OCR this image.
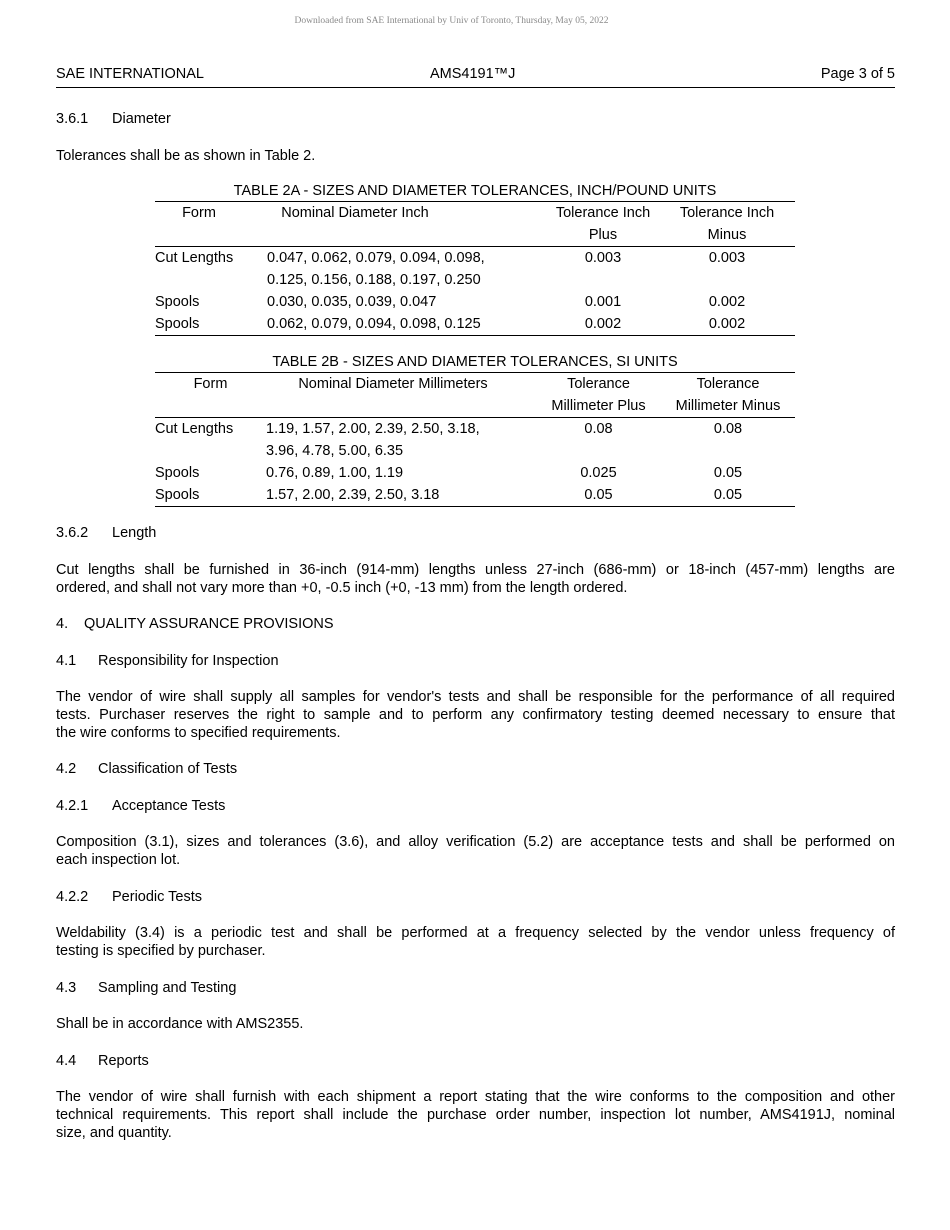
Downloaded from SAE International by Univ of Toronto, Thursday, May 05, 2022
SAE INTERNATIONAL	AMS4191™J	Page 3 of 5
3.6.1 Diameter
Tolerances shall be as shown in Table 2.
TABLE 2A - SIZES AND DIAMETER TOLERANCES, INCH/POUND UNITS
Form	Nominal Diameter Inch	Tolerance Inch	Tolerance Inch
		Plus	Minus
Cut Lengths	0.047, 0.062, 0.079, 0.094, 0.098,	0.003	0.003
	0.125, 0.156, 0.188, 0.197, 0.250		
Spools	0.030, 0.035, 0.039, 0.047	0.001	0.002
Spools	0.062, 0.079, 0.094, 0.098, 0.125	0.002	0.002
TABLE 2B - SIZES AND DIAMETER TOLERANCES, SI UNITS
Form	Nominal Diameter Millimeters	Tolerance	Tolerance
		Millimeter Plus	Millimeter Minus
Cut Lengths	1.19, 1.57, 2.00, 2.39, 2.50, 3.18,	0.08	0.08
	3.96, 4.78, 5.00, 6.35		
Spools	0.76, 0.89, 1.00, 1.19	0.025	0.05
Spools	1.57, 2.00, 2.39, 2.50, 3.18	0.05	0.05
3.6.2 Length
Cut lengths shall be furnished in 36-inch (914-mm) lengths unless 27-inch (686-mm) or 18-inch (457-mm) lengths are
ordered, and shall not vary more than +0, -0.5 inch (+0, -13 mm) from the length ordered.
4. QUALITY ASSURANCE PROVISIONS
4.1 Responsibility for Inspection
The vendor of wire shall supply all samples for vendor's tests and shall be responsible for the performance of all required
tests. Purchaser reserves the right to sample and to perform any confirmatory testing deemed necessary to ensure that
the wire conforms to specified requirements.
4.2 Classification of Tests
4.2.1 Acceptance Tests
Composition (3.1), sizes and tolerances (3.6), and alloy verification (5.2) are acceptance tests and shall be performed on
each inspection lot.
4.2.2 Periodic Tests
Weldability (3.4) is a periodic test and shall be performed at a frequency selected by the vendor unless frequency of
testing is specified by purchaser.
4.3 Sampling and Testing
Shall be in accordance with AMS2355.
4.4 Reports
The vendor of wire shall furnish with each shipment a report stating that the wire conforms to the composition and other
technical requirements. This report shall include the purchase order number, inspection lot number, AMS4191J, nominal
size, and quantity.
